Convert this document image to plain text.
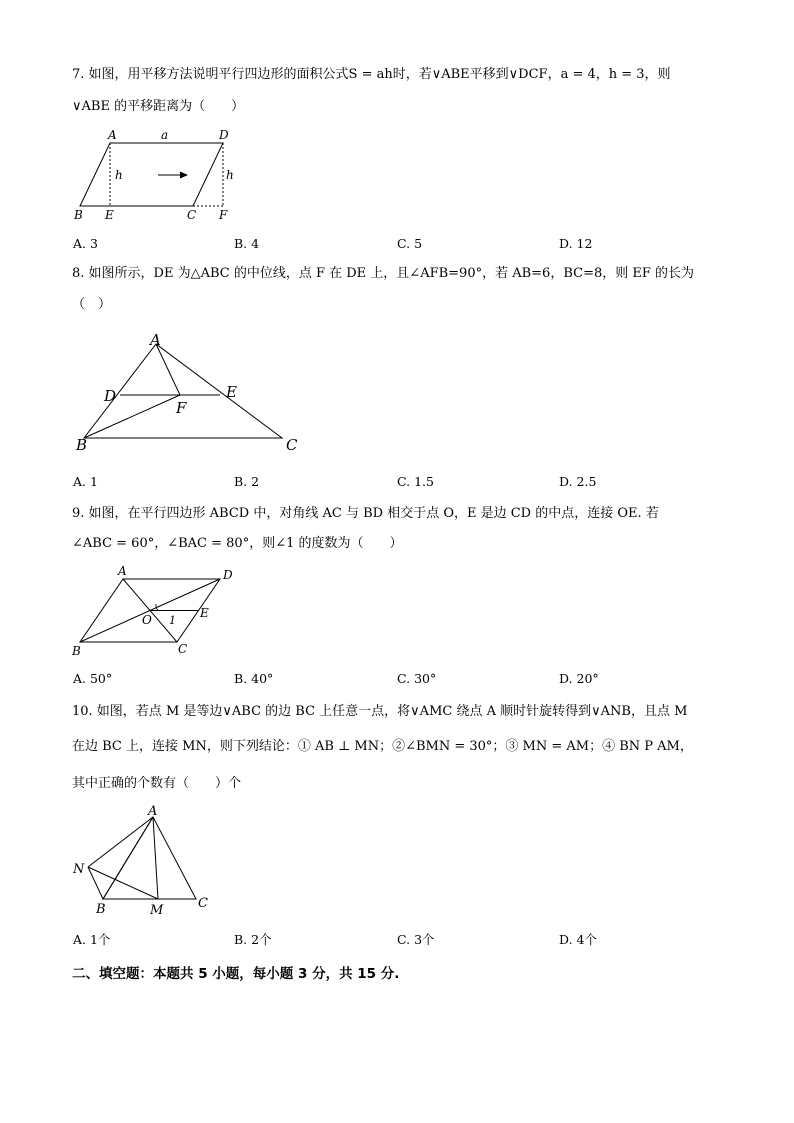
7. 如图，用平移方法说明平行四边形的面积公式S = ah时，若∨ABE平移到∨DCF，a = 4，h = 3，则
∨ABE 的平移距离为（　　）
A	D
a
h	h
B E	C F
A. 3	B. 4	C. 5	D. 12
8. 如图所示，DE 为△ABC 的中位线，点 F 在 DE 上，且∠AFB=90°，若 AB=6，BC=8，则 EF 的长为
（　）
A
D	E
F
B	C
A. 1	B. 2	C. 1.5	D. 2.5
9. 如图，在平行四边形 ABCD 中，对角线 AC 与 BD 相交于点 O，E 是边 CD 的中点，连接 OE. 若
∠ABC = 60°，∠BAC = 80°，则∠1 的度数为（　　）
A	D
O 1
E
B	C
A. 50°	B. 40°	C. 30°	D. 20°
10. 如图，若点 M 是等边∨ABC 的边 BC 上任意一点，将∨AMC 绕点 A 顺时针旋转得到∨ANB，且点 M
在边 BC 上，连接 MN，则下列结论：① AB ⊥ MN；②∠BMN = 30°；③ MN = AM；④ BN P AM，
其中正确的个数有（　　）个
A
N
B	M	C
A. 1个	B. 2个	C. 3个	D. 4个
二、填空题：本题共 5 小题，每小题 3 分，共 15 分.
